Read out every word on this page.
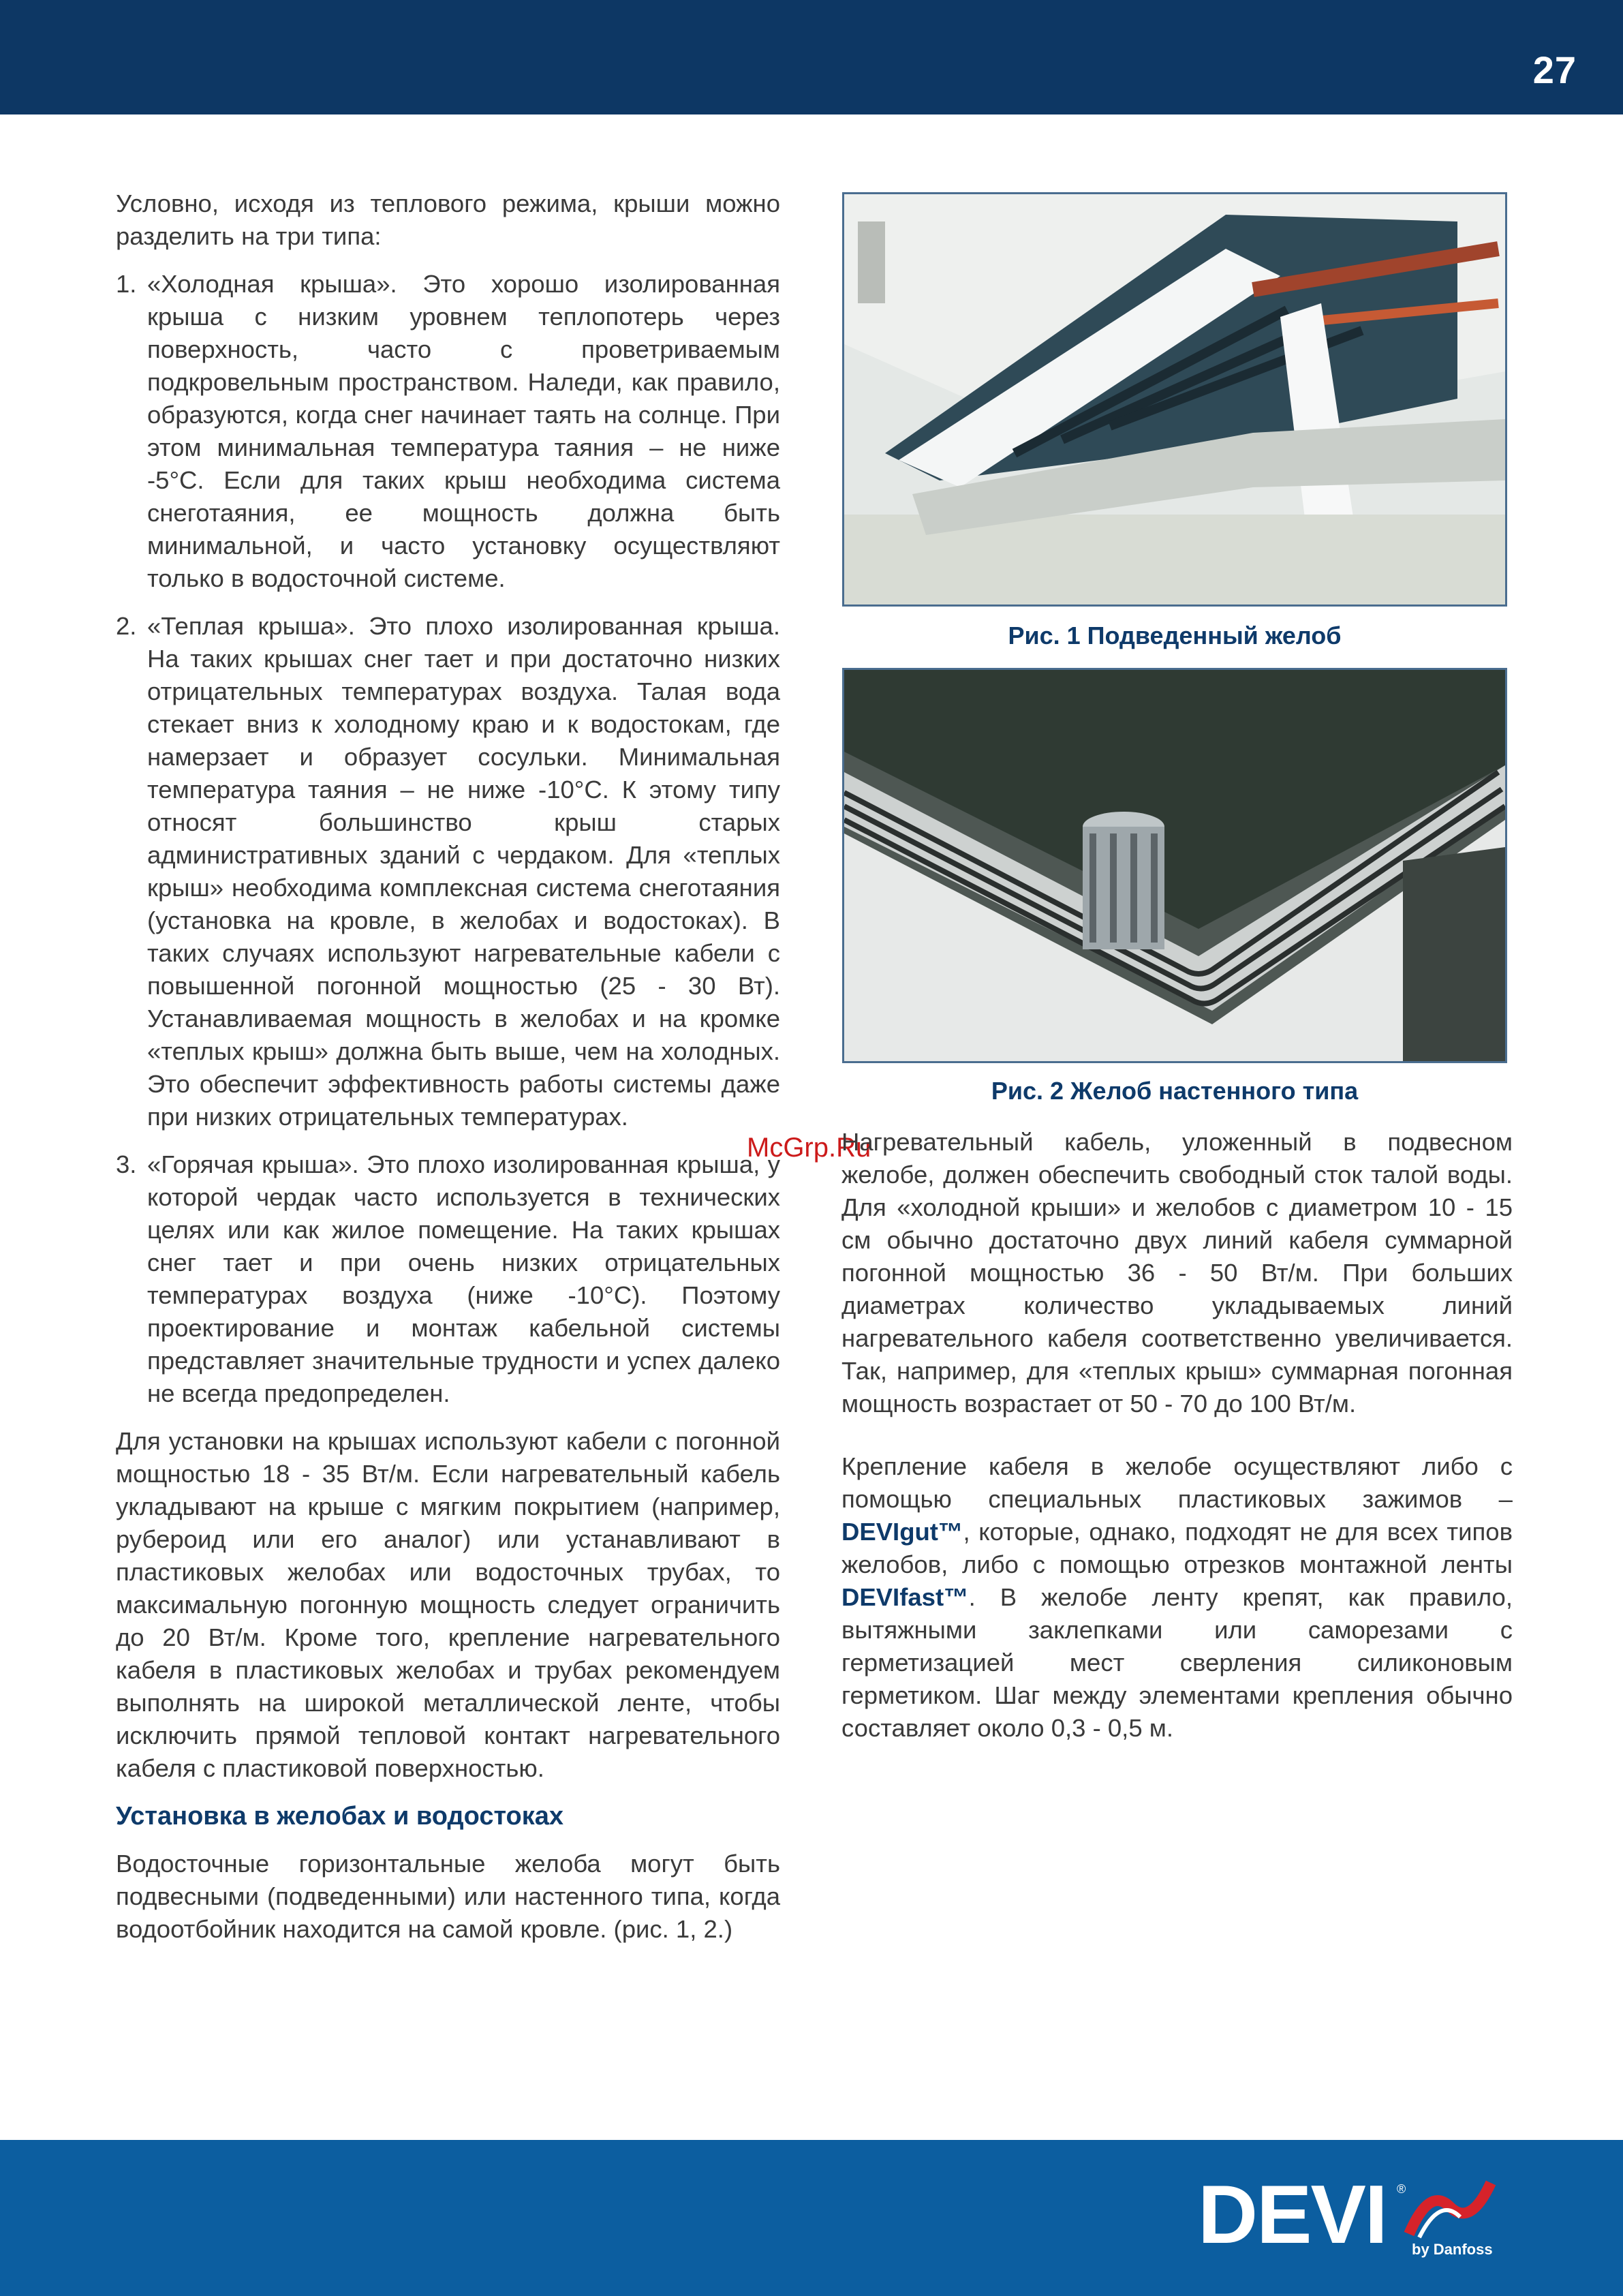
27

Условно, исходя из теплового режима, крыши можно разделить на три типа:

1. «Холодная крыша». Это хорошо изолированная крыша с низким уровнем теплопотерь через поверхность, часто с проветриваемым подкровельным пространством. Наледи, как правило, образуются, когда снег начинает таять на солнце. При этом минимальная температура таяния – не ниже -5°С. Если для таких крыш необходима система снеготаяния, ее мощность должна быть минимальной, и часто установку осуществляют только в водосточной системе.
2. «Теплая крыша». Это плохо изолированная крыша. На таких крышах снег тает и при достаточно низких отрицательных температурах воздуха. Талая вода стекает вниз к холодному краю и к водостокам, где намерзает и образует сосульки. Минимальная температура таяния – не ниже -10°С. К этому типу относят большинство крыш старых административных зданий с чердаком. Для «теплых крыш» необходима комплексная система снеготаяния (установка на кровле, в желобах и водостоках). В таких случаях используют нагревательные кабели с повышенной погонной мощностью (25 - 30 Вт). Устанавливаемая мощность в желобах и на кромке «теплых крыш» должна быть выше, чем на холодных. Это обеспечит эффективность работы системы даже при низких отрицательных температурах.
3. «Горячая крыша». Это плохо изолированная крыша, у которой чердак часто используется в технических целях или как жилое помещение. На таких крышах снег тает и при очень низких отрицательных температурах воздуха (ниже -10°С). Поэтому проектирование и монтаж кабельной системы представляет значительные трудности и успех далеко не всегда предопределен.

Для установки на крышах используют кабели с погонной мощностью 18 - 35 Вт/м. Если нагревательный кабель укладывают на крыше с мягким покрытием (например, рубероид или его аналог) или устанавливают в пластиковых желобах или водосточных трубах, то максимальную погонную мощность следует ограничить до 20 Вт/м. Кроме того, крепление нагревательного кабеля в пластиковых желобах и трубах рекомендуем выполнять на широкой металлической ленте, чтобы исключить прямой тепловой контакт нагревательного кабеля с пластиковой поверхностью.

Установка в желобах и водостоках

Водосточные горизонтальные желоба могут быть подвесными (подведенными) или настенного типа, когда водоотбойник находится на самой кровле. (рис. 1, 2.)

Рис. 1 Подведенный желоб
Рис. 2 Желоб настенного типа
McGrp.Ru

Нагревательный кабель, уложенный в подвесном желобе, должен обеспечить свободный сток талой воды. Для «холодной крыши» и желобов с диаметром 10 - 15 см обычно достаточно двух линий кабеля суммарной погонной мощностью 36 - 50 Вт/м. При больших диаметрах количество укладываемых линий нагревательного кабеля соответственно увеличивается. Так, например, для «теплых крыш» суммарная погонная мощность возрастает от 50 - 70 до 100 Вт/м.

Крепление кабеля в желобе осуществляют либо с помощью специальных пластиковых зажимов – DEVIgut™, которые, однако, подходят не для всех типов желобов, либо с помощью отрезков монтажной ленты DEVIfast™. В желобе ленту крепят, как правило, вытяжными заклепками или саморезами с герметизацией мест сверления силиконовым герметиком. Шаг между элементами крепления обычно составляет около 0,3 - 0,5 м.

DEVI ®
by Danfoss
